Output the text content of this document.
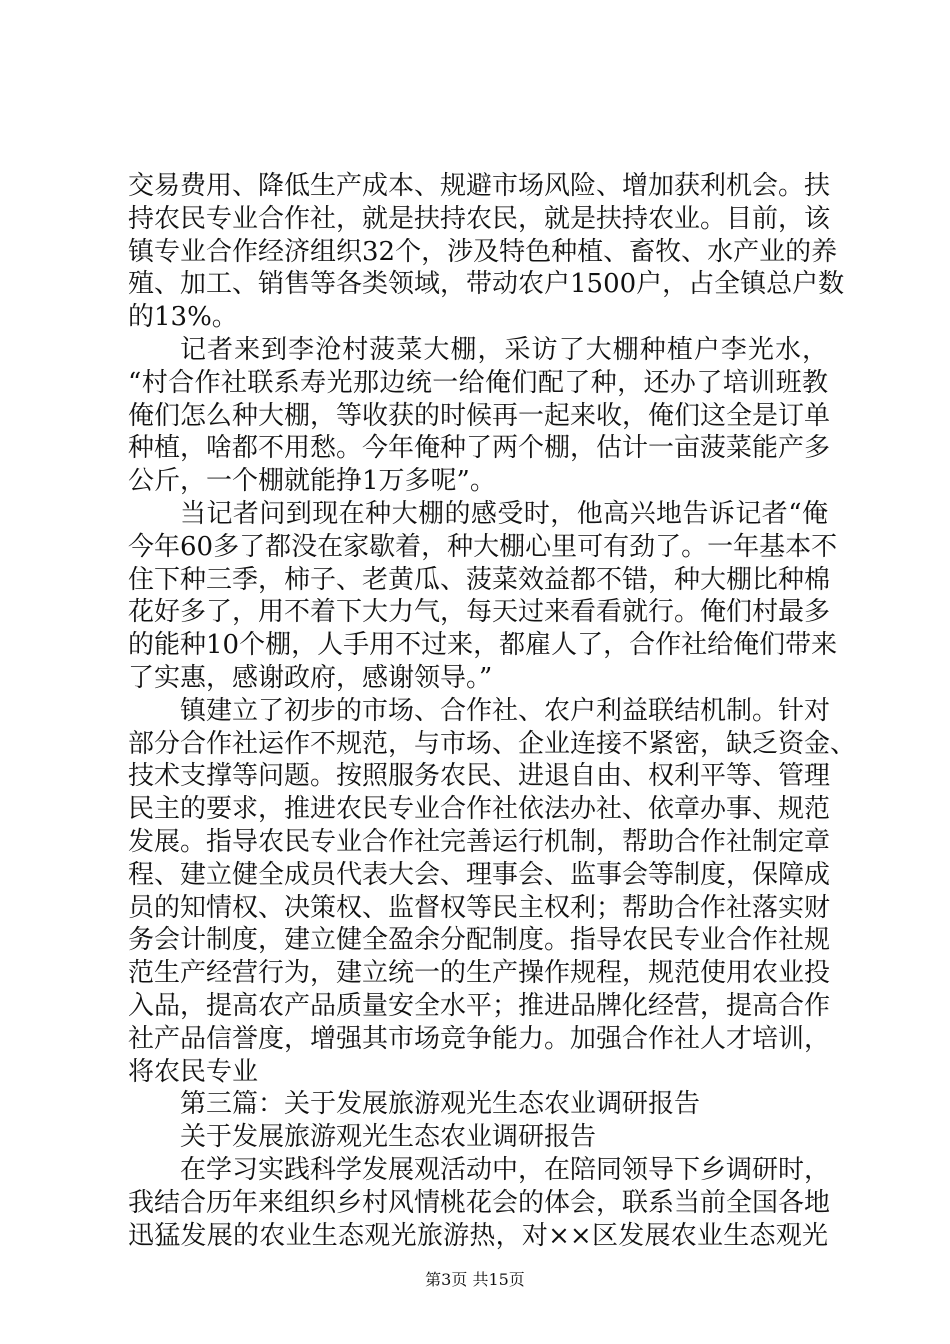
交易费用、降低生产成本、规避市场风险、增加获利机会。扶
持农民专业合作社，就是扶持农民，就是扶持农业。目前，该
镇专业合作经济组织32个，涉及特色种植、畜牧、水产业的养
殖、加工、销售等各类领域，带动农户1500户，占全镇总户数
的13%。
记者来到李沧村菠菜大棚，采访了大棚种植户李光水，
“村合作社联系寿光那边统一给俺们配了种，还办了培训班教
俺们怎么种大棚，等收获的时候再一起来收，俺们这全是订单
种植，啥都不用愁。今年俺种了两个棚，估计一亩菠菜能产多
公斤，一个棚就能挣1万多呢”。
当记者问到现在种大棚的感受时，他高兴地告诉记者“俺
今年60多了都没在家歇着，种大棚心里可有劲了。一年基本不
住下种三季，柿子、老黄瓜、菠菜效益都不错，种大棚比种棉
花好多了，用不着下大力气，每天过来看看就行。俺们村最多
的能种10个棚，人手用不过来，都雇人了，合作社给俺们带来
了实惠，感谢政府，感谢领导。”
镇建立了初步的市场、合作社、农户利益联结机制。针对
部分合作社运作不规范，与市场、企业连接不紧密，缺乏资金、
技术支撑等问题。按照服务农民、进退自由、权利平等、管理
民主的要求，推进农民专业合作社依法办社、依章办事、规范
发展。指导农民专业合作社完善运行机制，帮助合作社制定章
程、建立健全成员代表大会、理事会、监事会等制度，保障成
员的知情权、决策权、监督权等民主权利；帮助合作社落实财
务会计制度，建立健全盈余分配制度。指导农民专业合作社规
范生产经营行为，建立统一的生产操作规程，规范使用农业投
入品，提高农产品质量安全水平；推进品牌化经营，提高合作
社产品信誉度，增强其市场竞争能力。加强合作社人才培训，
将农民专业
第三篇：关于发展旅游观光生态农业调研报告
关于发展旅游观光生态农业调研报告
在学习实践科学发展观活动中，在陪同领导下乡调研时，
我结合历年来组织乡村风情桃花会的体会，联系当前全国各地
迅猛发展的农业生态观光旅游热，对××区发展农业生态观光
第3页 共15页
